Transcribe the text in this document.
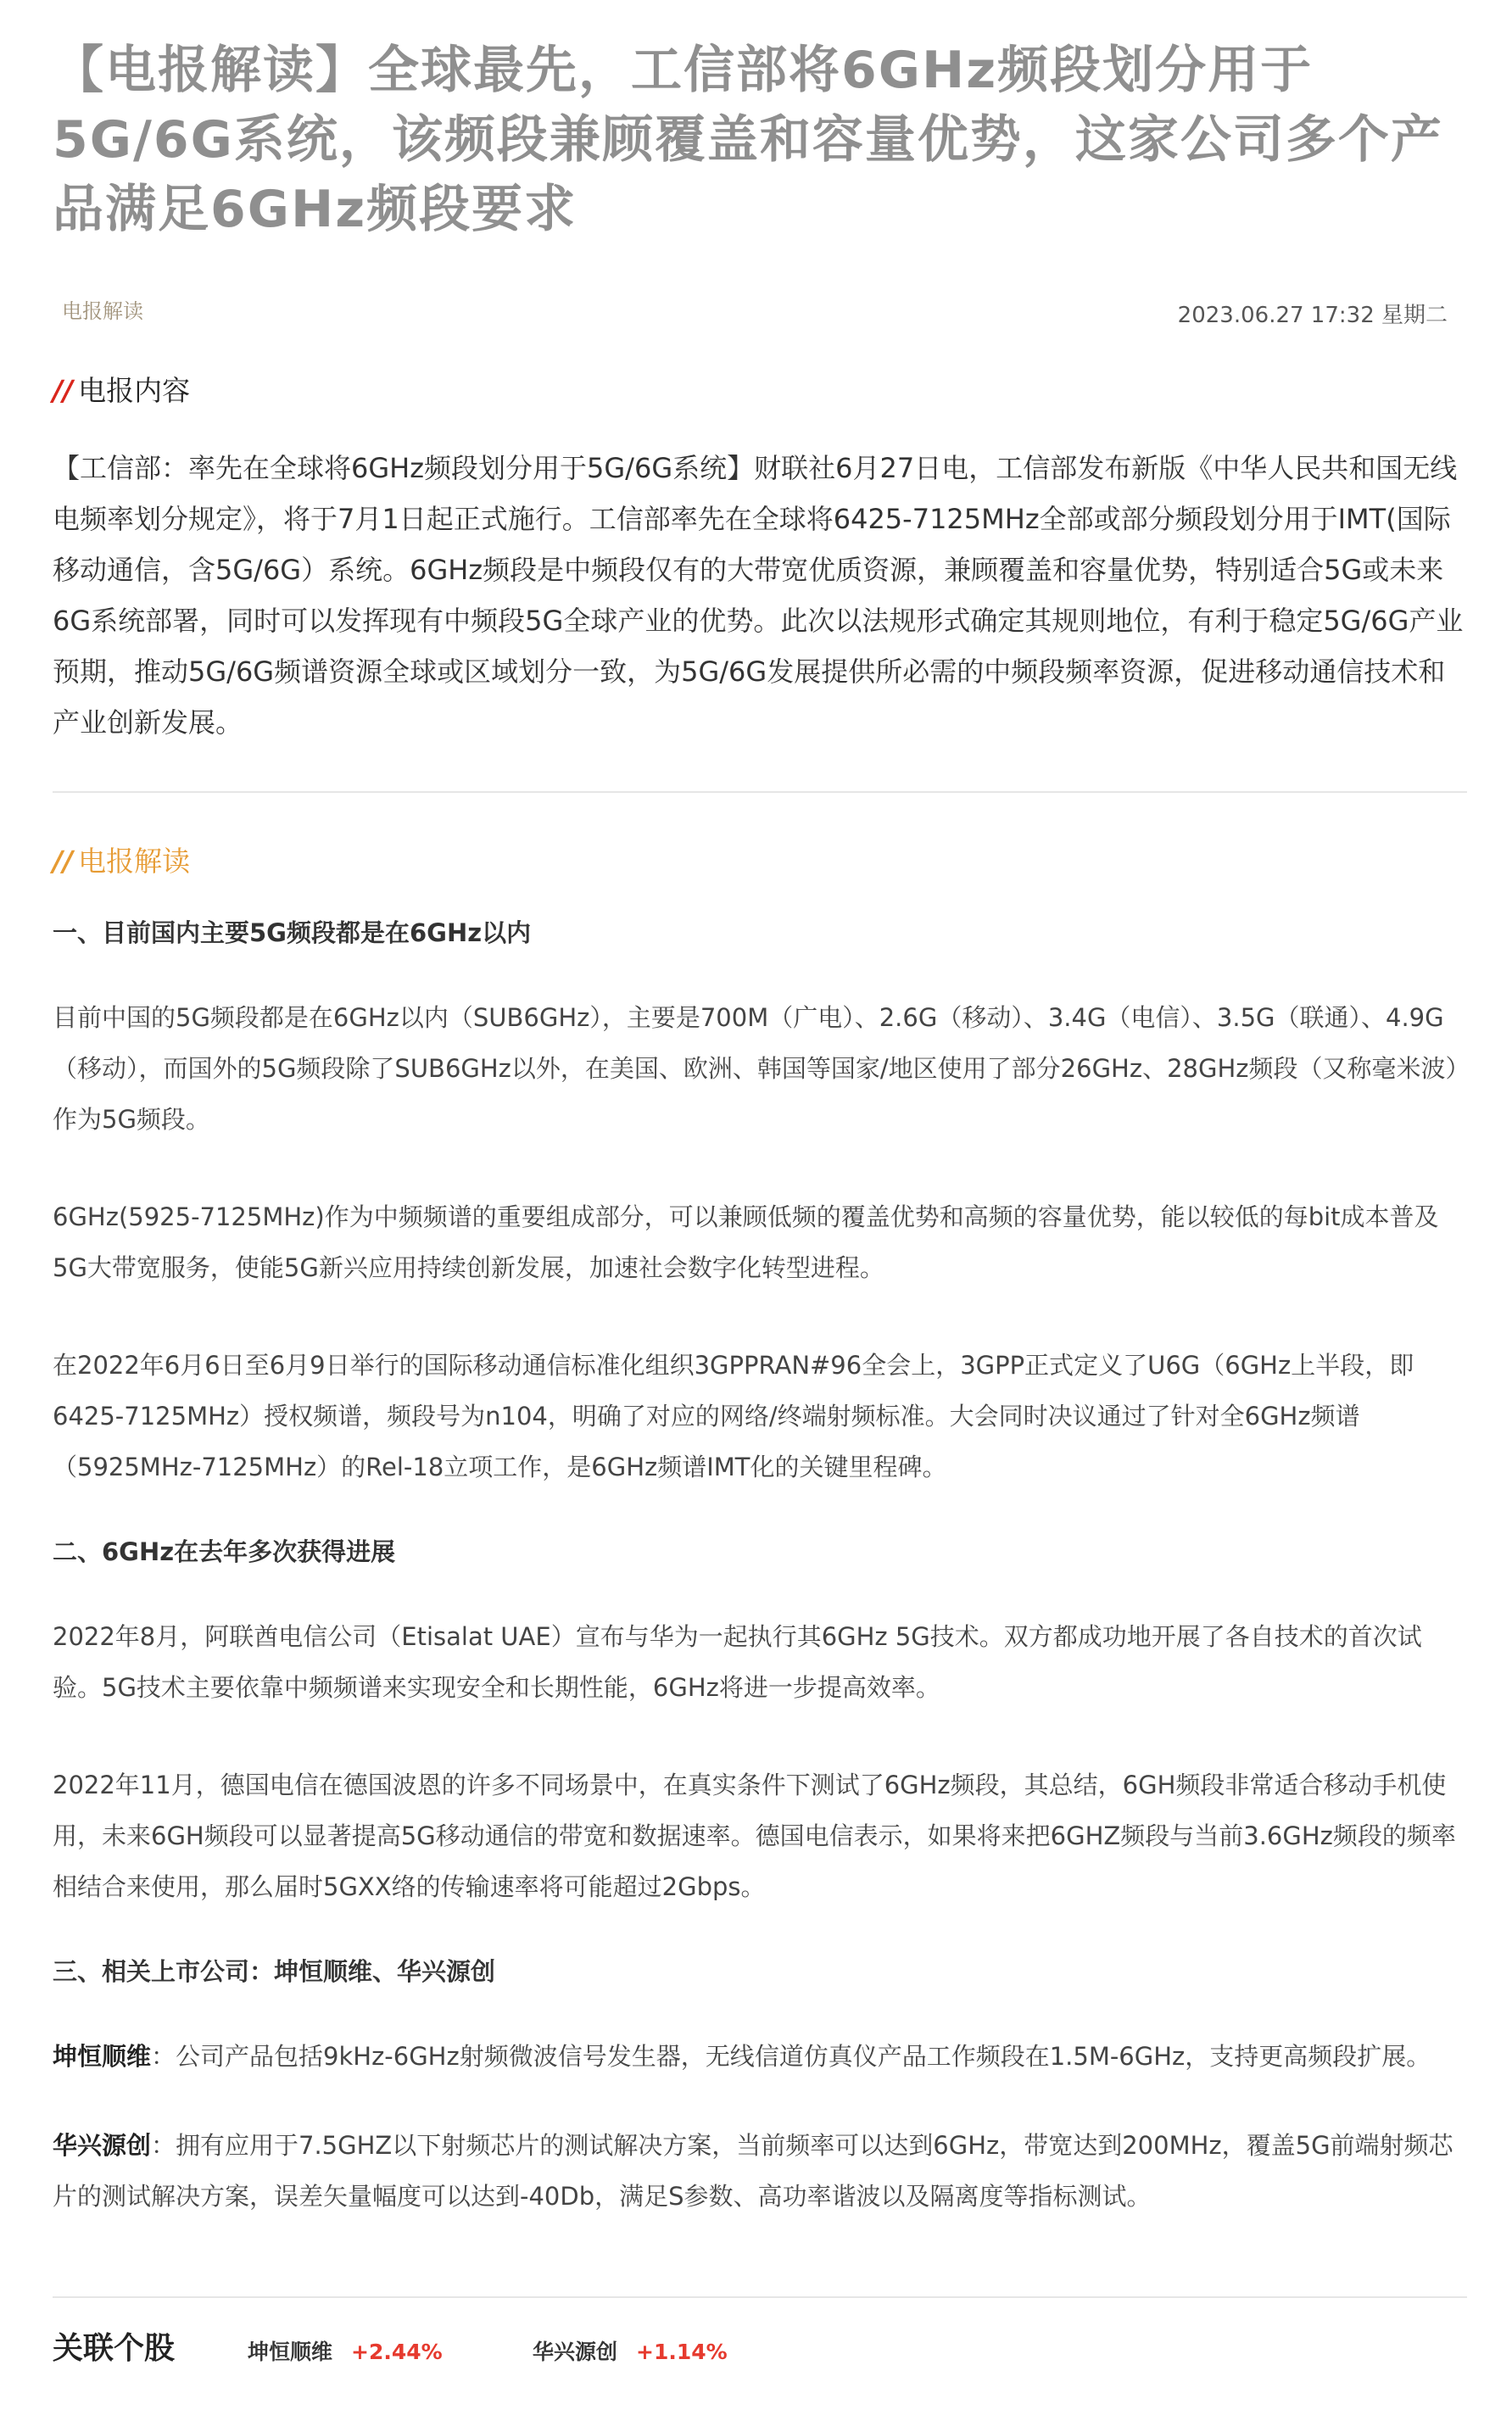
【电报解读】全球最先，工信部将6GHz频段划分用于5G/6G系统，该频段兼顾覆盖和容量优势，这家公司多个产品满足6GHz频段要求
电报解读	2023.06.27 17:32 星期二
// 电报内容
【工信部：率先在全球将6GHz频段划分用于5G/6G系统】财联社6月27日电，工信部发布新版《中华人民共和国无线电频率划分规定》，将于7月1日起正式施行。工信部率先在全球将6425-7125MHz全部或部分频段划分用于IMT(国际移动通信，含5G/6G）系统。6GHz频段是中频段仅有的大带宽优质资源，兼顾覆盖和容量优势，特别适合5G或未来6G系统部署，同时可以发挥现有中频段5G全球产业的优势。此次以法规形式确定其规则地位，有利于稳定5G/6G产业预期，推动5G/6G频谱资源全球或区域划分一致，为5G/6G发展提供所必需的中频段频率资源，促进移动通信技术和产业创新发展。
// 电报解读
一、目前国内主要5G频段都是在6GHz以内
目前中国的5G频段都是在6GHz以内（SUB6GHz），主要是700M（广电）、2.6G（移动）、3.4G（电信）、3.5G（联通）、4.9G（移动），而国外的5G频段除了SUB6GHz以外，在美国、欧洲、韩国等国家/地区使用了部分26GHz、28GHz频段（又称毫米波）作为5G频段。
6GHz(5925-7125MHz)作为中频频谱的重要组成部分，可以兼顾低频的覆盖优势和高频的容量优势，能以较低的每bit成本普及5G大带宽服务，使能5G新兴应用持续创新发展，加速社会数字化转型进程。
在2022年6月6日至6月9日举行的国际移动通信标准化组织3GPPRAN#96全会上，3GPP正式定义了U6G（6GHz上半段，即6425-7125MHz）授权频谱，频段号为n104，明确了对应的网络/终端射频标准。大会同时决议通过了针对全6GHz频谱（5925MHz-7125MHz）的Rel-18立项工作，是6GHz频谱IMT化的关键里程碑。
二、6GHz在去年多次获得进展
2022年8月，阿联酋电信公司（Etisalat UAE）宣布与华为一起执行其6GHz 5G技术。双方都成功地开展了各自技术的首次试验。5G技术主要依靠中频频谱来实现安全和长期性能，6GHz将进一步提高效率。
2022年11月，德国电信在德国波恩的许多不同场景中，在真实条件下测试了6GHz频段，其总结，6GH频段非常适合移动手机使用，未来6GH频段可以显著提高5G移动通信的带宽和数据速率。德国电信表示，如果将来把6GHZ频段与当前3.6GHz频段的频率相结合来使用，那么届时5GXX络的传输速率将可能超过2Gbps。
三、相关上市公司：坤恒顺维、华兴源创
坤恒顺维：公司产品包括9kHz-6GHz射频微波信号发生器，无线信道仿真仪产品工作频段在1.5M-6GHz，支持更高频段扩展。
华兴源创：拥有应用于7.5GHZ以下射频芯片的测试解决方案，当前频率可以达到6GHz，带宽达到200MHz，覆盖5G前端射频芯片的测试解决方案，误差矢量幅度可以达到-40Db，满足S参数、高功率谐波以及隔离度等指标测试。
关联个股	坤恒顺维 +2.44%	华兴源创 +1.14%
